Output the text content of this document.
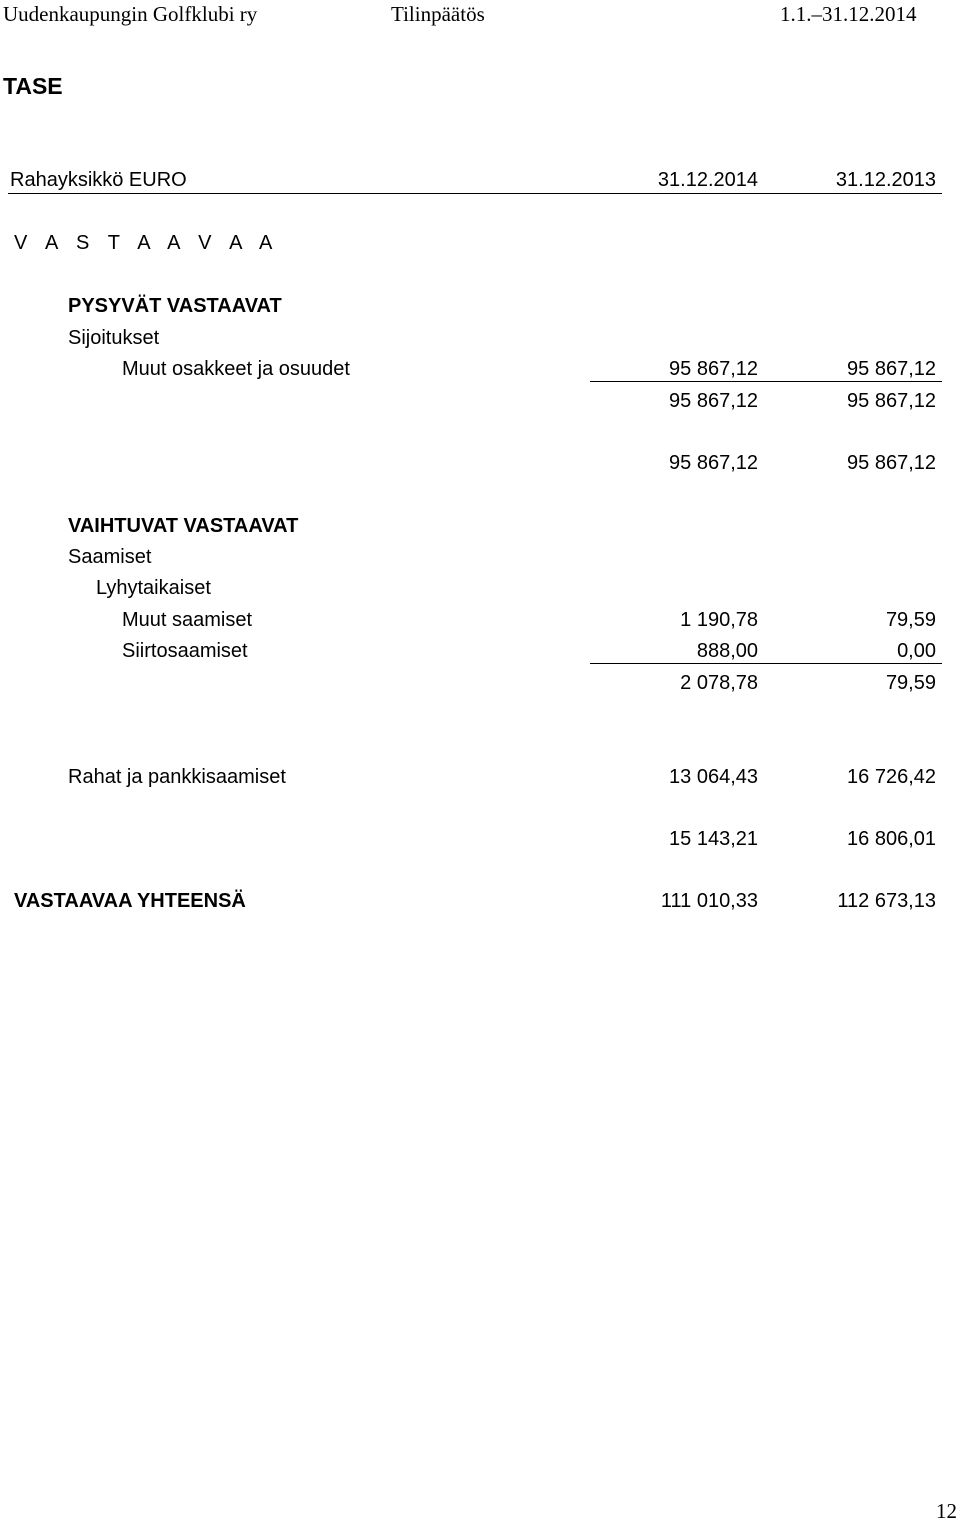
Uudenkaupungin Golfklubi ry	Tilinpäätös	1.1.–31.12.2014
TASE
Rahayksikkö EURO	31.12.2014	31.12.2013
V A S T A A V A A
PYSYVÄT VASTAAVAT
Sijoitukset
Muut osakkeet ja osuudet	95 867,12	95 867,12
95 867,12	95 867,12
95 867,12	95 867,12
VAIHTUVAT VASTAAVAT
Saamiset
Lyhytaikaiset
Muut saamiset	1 190,78	79,59
Siirtosaamiset	888,00	0,00
2 078,78	79,59
Rahat ja pankkisaamiset	13 064,43	16 726,42
15 143,21	16 806,01
VASTAAVAA YHTEENSÄ	111 010,33	112 673,13
12
